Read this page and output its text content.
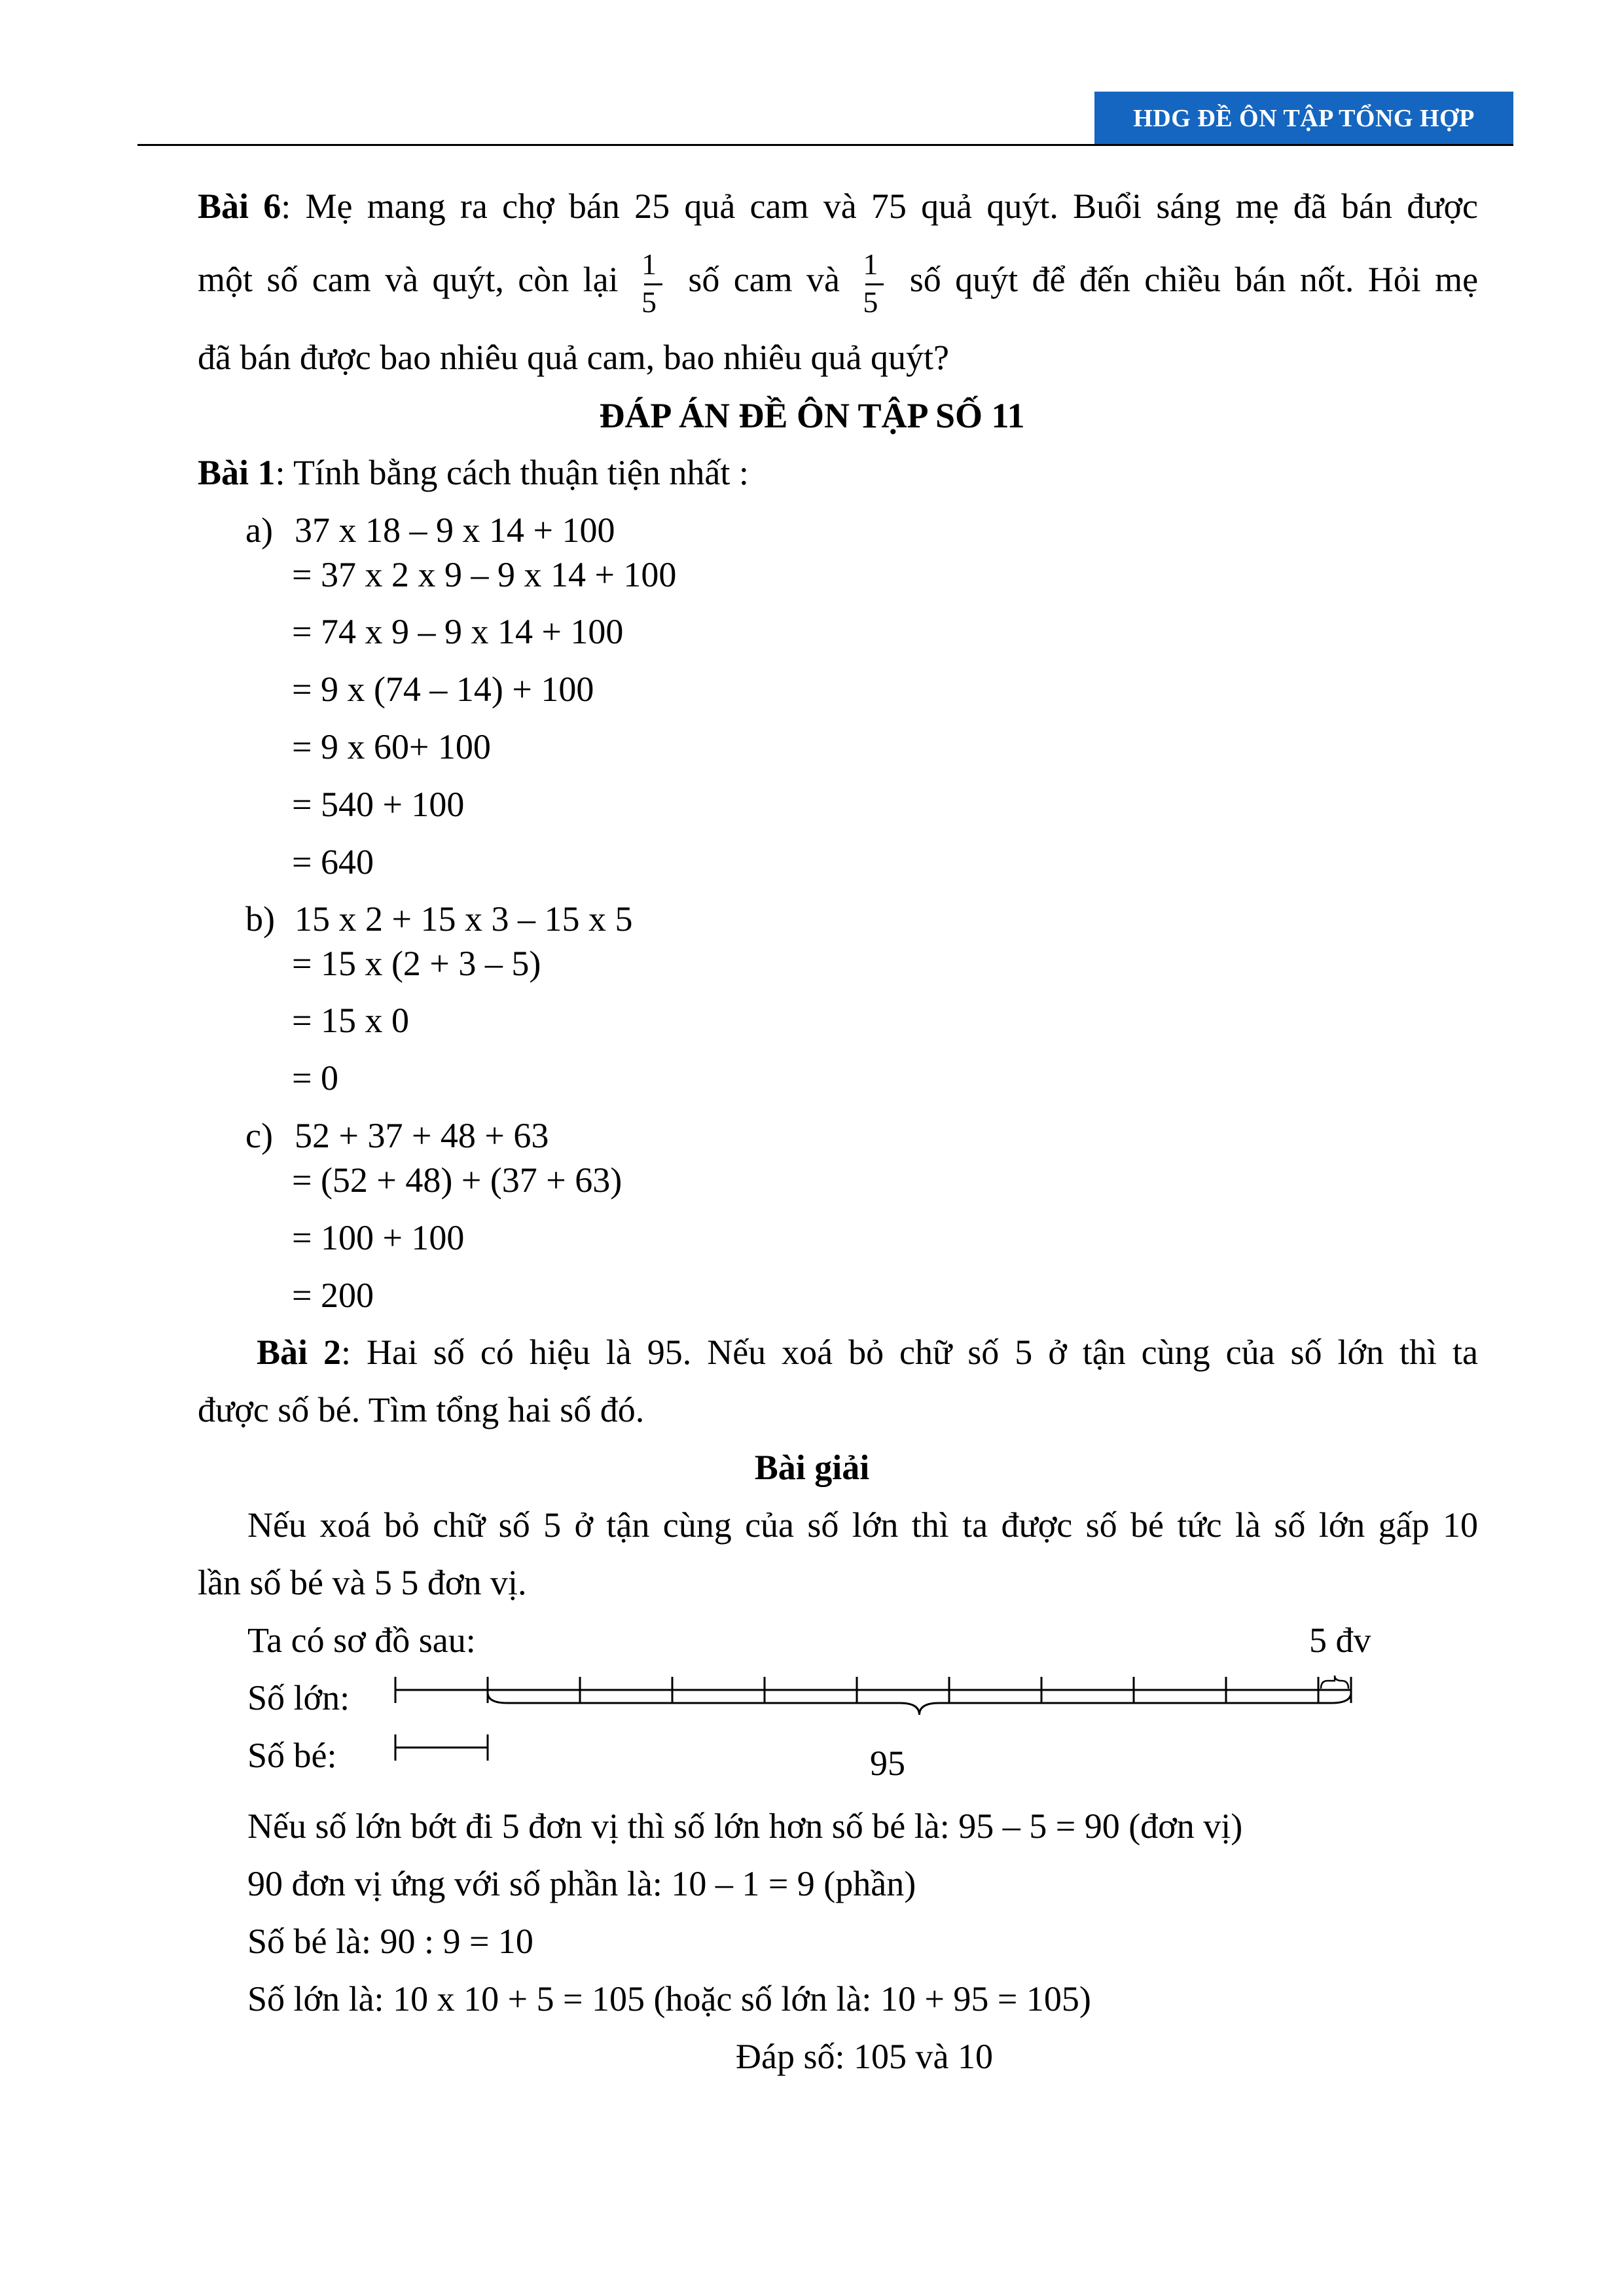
HDG ĐỀ ÔN TẬP TỔNG HỢP
Bài 6: Mẹ mang ra chợ bán 25 quả cam và 75 quả quýt. Buổi sáng mẹ đã bán được
một số cam và quýt, còn lại $\frac{1}{5}$ số cam và $\frac{1}{5}$ số quýt để đến chiều bán nốt. Hỏi mẹ
đã bán được bao nhiêu quả cam, bao nhiêu quả quýt?
ĐÁP ÁN ĐỀ ÔN TẬP SỐ 11
Bài 1: Tính bằng cách thuận tiện nhất :
a) 37 x 18 – 9 x 14 + 100
= 37 x 2 x 9 – 9 x 14 + 100
= 74 x 9 – 9 x 14 + 100
= 9 x (74 – 14) + 100
= 9 x 60+ 100
= 540 + 100
= 640
b) 15 x 2 + 15 x 3 – 15 x 5
= 15 x (2 + 3 – 5)
= 15 x 0
= 0
c) 52 + 37 + 48 + 63
= (52 + 48) + (37 + 63)
= 100 + 100
= 200
Bài 2: Hai số có hiệu là 95. Nếu xoá bỏ chữ số 5 ở tận cùng của số lớn thì ta
được số bé. Tìm tổng hai số đó.
Bài giải
Nếu xoá bỏ chữ số 5 ở tận cùng của số lớn thì ta được số bé tức là số lớn gấp 10
lần số bé và 5 5 đơn vị.
Ta có sơ đồ sau:	5 đv
Số lớn:
Số bé:	95
Nếu số lớn bớt đi 5 đơn vị thì số lớn hơn số bé là: 95 – 5 = 90 (đơn vị)
90 đơn vị ứng với số phần là: 10 – 1 = 9 (phần)
Số bé là: 90 : 9 = 10
Số lớn là: 10 x 10 + 5 = 105 (hoặc số lớn là: 10 + 95 = 105)
Đáp số: 105 và 10
